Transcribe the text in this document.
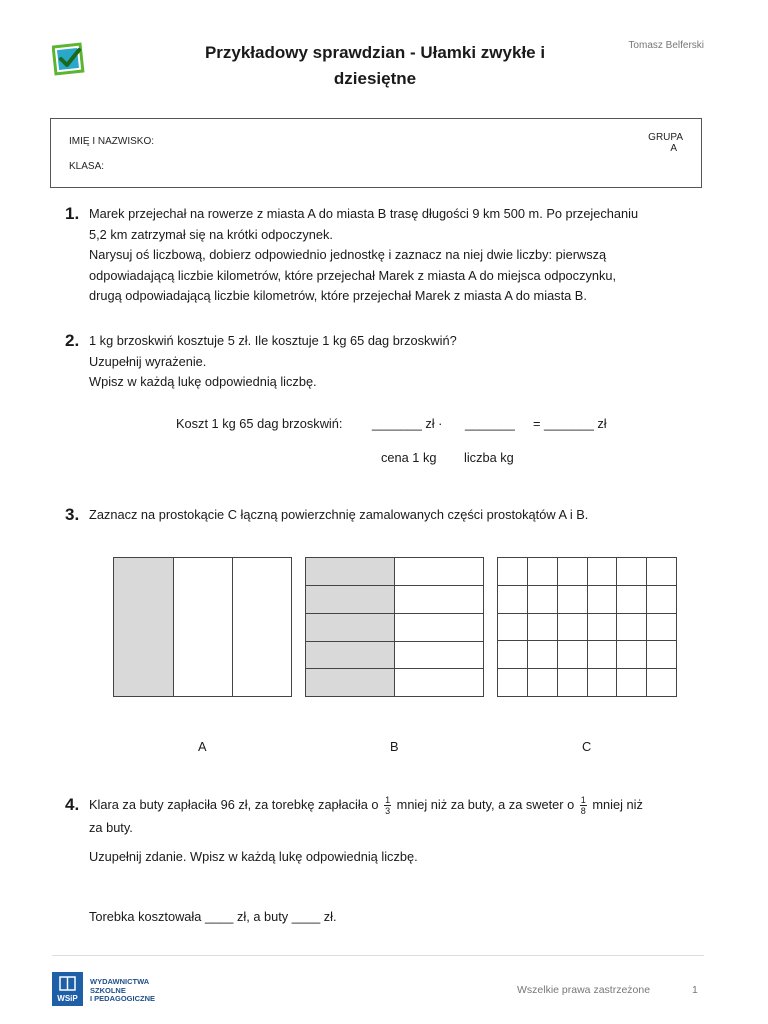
Przykładowy sprawdzian - Ułamki zwykłe i
dziesiętne
Tomasz Belferski
IMIĘ I NAZWISKO:
KLASA:
GRUPA
A
1. Marek przejechał na rowerze z miasta A do miasta B trasę długości 9 km 500 m. Po przejechaniu

5,2 km zatrzymał się na krótki odpoczynek.

Narysuj oś liczbową, dobierz odpowiednio jednostkę i zaznacz na niej dwie liczby: pierwszą

odpowiadającą liczbie kilometrów, które przejechał Marek z miasta A do miejsca odpoczynku,

drugą odpowiadającą liczbie kilometrów, które przejechał Marek z miasta A do miasta B.

2. 1 kg brzoskwiń kosztuje 5 zł. Ile kosztuje 1 kg 65 dag brzoskwiń?

Uzupełnij wyrażenie.

Wpisz w każdą lukę odpowiednią liczbę.

Koszt 1 kg 65 dag brzoskwiń: _______ zł · _______ = _______ zł
cena 1 kg liczba kg
3. Zaznacz na prostokącie C łączną powierzchnię zamalowanych części prostokątów A i B.
A	B	C
4. Klara za buty zapłaciła 96 zł, za torebkę zapłaciła o $\frac{1}{3}$ mniej niż za buty, a za sweter o $\frac{1}{8}$ mniej niż
za buty.
Uzupełnij zdanie. Wpisz w każdą lukę odpowiednią liczbę.
Torebka kosztowała ____ zł, a buty ____ zł.
WSiP
WYDAWNICTWA
SZKOLNE
I PEDAGOGICZNE
Wszelkie prawa zastrzeżone	1
